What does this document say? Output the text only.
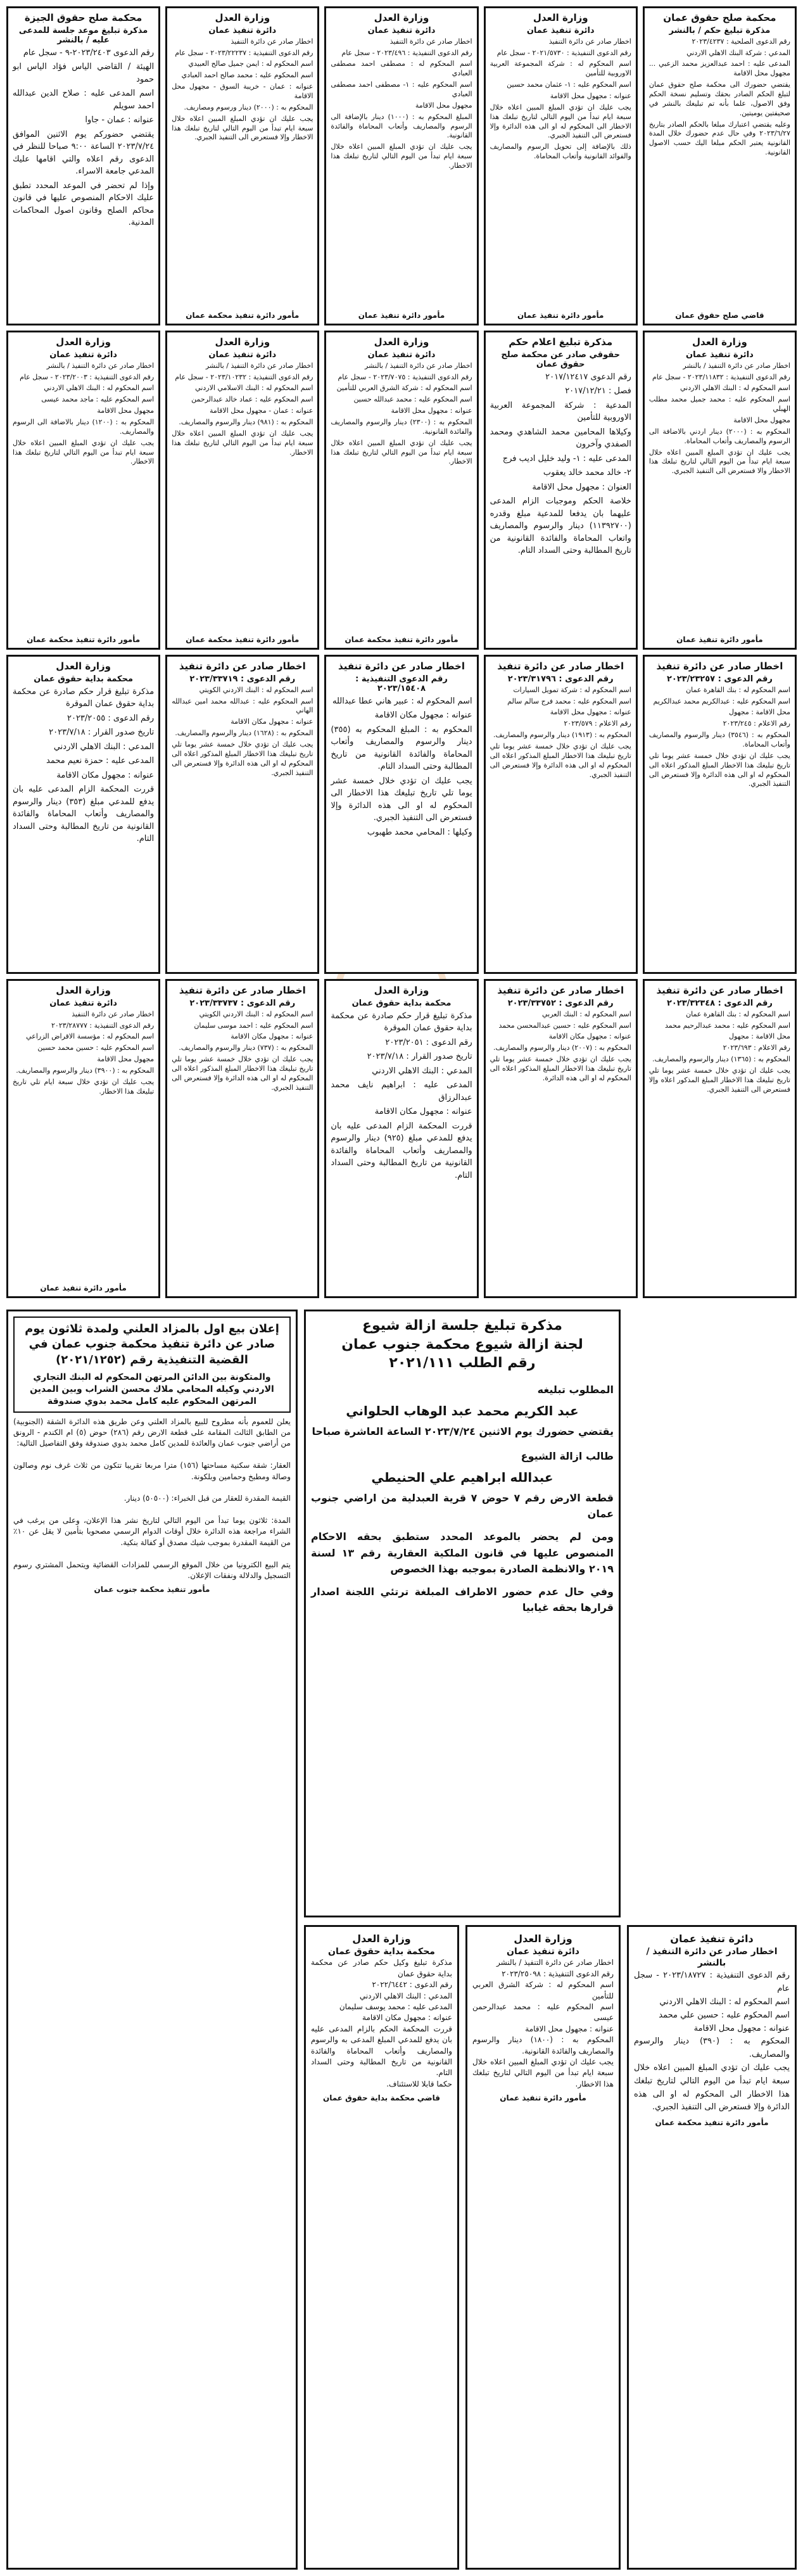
محكمة صلح حقوق عمان
مذكرة تبليغ حكم / بالنشر

رقم الدعوى الصلحية : ٢٠٢٣/٤٢٣٧

المدعي : شركة البنك الاهلي الاردني

المدعى عليه : احمد عبدالعزيز محمد الزعبي ... مجهول محل الاقامة

يقتضي حضورك الى محكمة صلح حقوق عمان لتبلغ الحكم الصادر بحقك وتسليم نسخة الحكم وفق الاصول، علما بأنه تم تبليغك بالنشر في صحيفتين يوميتين.

وعليه يقتضي اعتبارك مبلغا بالحكم الصادر بتاريخ ٢٠٢٣/٦/٢٧ وفي حال عدم حضورك خلال المدة القانونية يعتبر الحكم مبلغا اليك حسب الاصول القانونية.

قاضي صلح حقوق عمان
وزارة العدل
دائرة تنفيذ عمان

اخطار صادر عن دائرة التنفيذ

رقم الدعوى التنفيذية : ٢٠٢١/٥٧٣٠ - سجل عام

اسم المحكوم له : شركة المجموعة العربية الاوروبية للتأمين

اسم المحكوم عليه : ١- عثمان محمد حسين

عنوانه : مجهول محل الاقامة

يجب عليك ان تؤدي المبلغ المبين اعلاه خلال سبعة ايام تبدأ من اليوم التالي لتاريخ تبلغك هذا الاخطار الى المحكوم له او الى هذه الدائرة وإلا فستعرض الى التنفيذ الجبري.

ذلك بالإضافة إلى تحويل الرسوم والمصاريف والفوائد القانونية وأتعاب المحاماة.

مأمور دائرة تنفيذ عمان
وزارة العدل
دائرة تنفيذ عمان

اخطار صادر عن دائرة التنفيذ

رقم الدعوى التنفيذية : ٢٠٢٣/٤٩٦ - سجل عام

اسم المحكوم له : مصطفى احمد مصطفى العبادي

اسم المحكوم عليه : ١- مصطفى احمد مصطفى العبادي

مجهول محل الاقامة

المبلغ المحكوم به : (١٠٠٠) دينار بالإضافة الى الرسوم والمصاريف وأتعاب المحاماة والفائدة القانونية.

يجب عليك ان تؤدي المبلغ المبين اعلاه خلال سبعة ايام تبدأ من اليوم التالي لتاريخ تبلغك هذا الاخطار.

مأمور دائرة تنفيذ عمان
وزارة العدل
دائرة تنفيذ عمان

اخطار صادر عن دائرة التنفيذ

رقم الدعوى التنفيذية : ٢٠٢٣/٢٢٢٣٧ - سجل عام

اسم المحكوم له : ايمن جميل صالح العبيدي

اسم المحكوم عليه : محمد صالح احمد العبادي

عنوانه : عمان - خريبة السوق - مجهول محل الاقامة

المحكوم به : (٢٠٠٠) دينار ورسوم ومصاريف.

يجب عليك ان تؤدي المبلغ المبين اعلاه خلال سبعة ايام تبدأ من اليوم التالي لتاريخ تبلغك هذا الاخطار وإلا فستعرض الى التنفيذ الجبري.

مأمور دائرة تنفيذ محكمة عمان
محكمة صلح حقوق الجيزة
مذكرة تبليغ موعد جلسة للمدعى عليه / بالنشر

رقم الدعوى ٢٠٢٣/٢٤٠٣-٩ - سجل عام

الهيئة / القاضي الياس فؤاد الياس ابو حمود

اسم المدعى عليه : صلاح الدين عبدالله احمد سويلم

عنوانه : عمان - جاوا

يقتضي حضوركم يوم الاثنين الموافق ٢٠٢٣/٧/٢٤ الساعة ٩:٠٠ صباحا للنظر في الدعوى رقم اعلاه والتي اقامها عليك المدعي جامعة الاسراء.

وإذا لم تحضر في الموعد المحدد تطبق عليك الاحكام المنصوص عليها في قانون محاكم الصلح وقانون اصول المحاكمات المدنية.

وزارة العدل
دائرة تنفيذ عمان

اخطار صادر عن دائرة التنفيذ / بالنشر

رقم الدعوى التنفيذية : ٢٠٢٣/١١٨٣٢ - سجل عام

اسم المحكوم له : البنك الاهلي الاردني

اسم المحكوم عليه : محمد جميل محمد مطلب الهبلي

مجهول محل الاقامة

المحكوم به : (٢٠٠٠) دينار اردني بالاضافة الى الرسوم والمصاريف وأتعاب المحاماة.

يجب عليك ان تؤدي المبلغ المبين اعلاه خلال سبعة ايام تبدأ من اليوم التالي لتاريخ تبلغك هذا الاخطار والا فستعرض الى التنفيذ الجبري.

مأمور دائرة تنفيذ عمان
مذكرة تبليغ اعلام حكم
حقوقي صادر عن محكمة صلح حقوق عمان

رقم الدعوى ٢٠١٧/١٢٤١٧

فصل : ٢٠١٧/١٢/٢١

المدعية : شركة المجموعة العربية الاوروبية للتأمين

وكيلاها المحامين محمد الشاهدي ومحمد الصفدي وآخرون

المدعى عليه : ١- وليد خليل اديب فرج

٢- خالد محمد خالد يعقوب

العنوان : مجهول محل الاقامة

خلاصة الحكم وموجبات الزام المدعى عليهما بان يدفعا للمدعية مبلغ وقدره (١١٣٩٢٧٠٠) دينار والرسوم والمصاريف واتعاب المحاماة والفائدة القانونية من تاريخ المطالبة وحتى السداد التام.

وزارة العدل
دائرة تنفيذ عمان

اخطار صادر عن دائرة التنفيذ / بالنشر

رقم الدعوى التنفيذية : ٢٠٢٣/٧٠٧٥ - سجل عام

اسم المحكوم له : شركة الشرق العربي للتأمين

اسم المحكوم عليه : محمد عبدالله حسين

عنوانه : مجهول محل الاقامة

المحكوم به : (٢٣٠٠) دينار والرسوم والمصاريف والفائدة القانونية.

يجب عليك ان تؤدي المبلغ المبين اعلاه خلال سبعة ايام تبدأ من اليوم التالي لتاريخ تبلغك هذا الاخطار.

مأمور دائرة تنفيذ محكمة عمان
وزارة العدل
دائرة تنفيذ عمان

اخطار صادر عن دائرة التنفيذ / بالنشر

رقم الدعوى التنفيذية : ٢٠٢٣/١٠٢٣٢ - سجل عام

اسم المحكوم له : البنك الاسلامي الاردني

اسم المحكوم عليه : عماد خالد عبدالرحمن

عنوانه : عمان - مجهول محل الاقامة

المحكوم به : (٩٨١) دينار والرسوم والمصاريف.

يجب عليك ان تؤدي المبلغ المبين اعلاه خلال سبعة ايام تبدأ من اليوم التالي لتاريخ تبلغك هذا الاخطار.

مأمور دائرة تنفيذ محكمة عمان
وزارة العدل
دائرة تنفيذ عمان

اخطار صادر عن دائرة التنفيذ / بالنشر

رقم الدعوى التنفيذية : ٢٠٢٣/٢٠٠٣ - سجل عام

اسم المحكوم له : البنك الاهلي الاردني

اسم المحكوم عليه : ماجد محمد عيسى

مجهول محل الاقامة

المحكوم به : (١٢٠٠) دينار بالاضافة الى الرسوم والمصاريف.

يجب عليك ان تؤدي المبلغ المبين اعلاه خلال سبعة ايام تبدأ من اليوم التالي لتاريخ تبلغك هذا الاخطار.

مأمور دائرة تنفيذ محكمة عمان
اخطار صادر عن دائرة تنفيذ
رقم الدعوى : ٢٠٢٣/٢٣٢٥٧

اسم المحكوم له : بنك القاهرة عمان

اسم المحكوم عليه : عبدالكريم محمد عبدالكريم

محل الاقامة : مجهول

رقم الاعلام : ٢٠٢٣/٢٤٥

المحكوم به : (٣٥٤٦) دينار والرسوم والمصاريف وأتعاب المحاماة.

يجب عليك ان تؤدي خلال خمسة عشر يوما تلي تاريخ تبليغك هذا الاخطار المبلغ المذكور اعلاه الى المحكوم له او الى هذه الدائرة وإلا فستعرض الى التنفيذ الجبري.

اخطار صادر عن دائرة تنفيذ
رقم الدعوى : ٢٠٢٣/٣١٧٩٦

اسم المحكوم له : شركة تمويل السيارات

اسم المحكوم عليه : محمد فرج سالم سالم

عنوانه : مجهول محل الاقامة

رقم الاعلام : ٢٠٢٣/٥٧٩

المحكوم به : (١٩١٣) دينار والرسوم والمصاريف.

يجب عليك ان تؤدي خلال خمسة عشر يوما تلي تاريخ تبليغك هذا الاخطار المبلغ المذكور اعلاه الى المحكوم له او الى هذه الدائرة وإلا فستعرض الى التنفيذ الجبري.

اخطار صادر عن دائرة تنفيذ
رقم الدعوى التنفيذية : ٢٠٢٣/١٥٤٠٨

اسم المحكوم له : عبير هاني عطا عبدالله

عنوانه : مجهول مكان الاقامة

المحكوم به : المبلغ المحكوم به (٣٥٥) دينار والرسوم والمصاريف وأتعاب المحاماة والفائدة القانونية من تاريخ المطالبة وحتى السداد التام.

يجب عليك ان تؤدي خلال خمسة عشر يوما تلي تاريخ تبليغك هذا الاخطار الى المحكوم له او الى هذه الدائرة وإلا فستعرض الى التنفيذ الجبري.

وكيلها : المحامي محمد طهبوب

اخطار صادر عن دائرة تنفيذ
رقم الدعوى : ٢٠٢٣/٣٣٧١٩

اسم المحكوم له : البنك الاردني الكويتي

اسم المحكوم عليه : عبدالله محمد امين عبدالله الهاني

عنوانه : مجهول مكان الاقامة

المحكوم به : (١٦٢٨) دينار والرسوم والمصاريف.

يجب عليك ان تؤدي خلال خمسة عشر يوما تلي تاريخ تبليغك هذا الاخطار المبلغ المذكور اعلاه الى المحكوم له او الى هذه الدائرة وإلا فستعرض الى التنفيذ الجبري.

وزارة العدل
محكمة بداية حقوق عمان

مذكرة تبليغ قرار حكم صادرة عن محكمة بداية حقوق عمان الموقرة

رقم الدعوى : ٢٠٢٣/٢٠٥٥

تاريخ صدور القرار : ٢٠٢٣/٧/١٨

المدعي : البنك الاهلي الاردني

المدعى عليه : حمزة نعيم محمد

عنوانه : مجهول مكان الاقامة

قررت المحكمة الزام المدعى عليه بان يدفع للمدعي مبلغ (٣٥٣) دينار والرسوم والمصاريف وأتعاب المحاماة والفائدة القانونية من تاريخ المطالبة وحتى السداد التام.

اخطار صادر عن دائرة تنفيذ
رقم الدعوى : ٢٠٢٣/٣٢٣٤٨

اسم المحكوم له : بنك القاهرة عمان

اسم المحكوم عليه : محمد عبدالرحيم محمد

محل الاقامة : مجهول

رقم الاعلام : ٢٠٢٣/٦٩٣

المحكوم به : (١٣٦٥) دينار والرسوم والمصاريف.

يجب عليك ان تؤدي خلال خمسة عشر يوما تلي تاريخ تبليغك هذا الاخطار المبلغ المذكور اعلاه وإلا فستعرض الى التنفيذ الجبري.

اخطار صادر عن دائرة تنفيذ
رقم الدعوى : ٢٠٢٣/٣٣٧٥٢

اسم المحكوم له : البنك العربي

اسم المحكوم عليه : حسين عبدالمحسن محمد

عنوانه : مجهول مكان الاقامة

المحكوم به : (٢٠٠٧) دينار والرسوم والمصاريف.

يجب عليك ان تؤدي خلال خمسة عشر يوما تلي تاريخ تبليغك هذا الاخطار المبلغ المذكور اعلاه الى المحكوم له او الى هذه الدائرة.

وزارة العدل
محكمة بداية حقوق عمان

مذكرة تبليغ قرار حكم صادرة عن محكمة بداية حقوق عمان الموقرة

رقم الدعوى : ٢٠٢٣/٢٠٥١

تاريخ صدور القرار : ٢٠٢٣/٧/١٨

المدعي : البنك الاهلي الاردني

المدعى عليه : ابراهيم نايف محمد عبدالرزاق

عنوانه : مجهول مكان الاقامة

قررت المحكمة الزام المدعى عليه بان يدفع للمدعي مبلغ (٩٢٥) دينار والرسوم والمصاريف وأتعاب المحاماة والفائدة القانونية من تاريخ المطالبة وحتى السداد التام.

اخطار صادر عن دائرة تنفيذ
رقم الدعوى : ٢٠٢٣/٣٣٧٣٧

اسم المحكوم له : البنك الاردني الكويتي

اسم المحكوم عليه : احمد موسى سليمان

عنوانه : مجهول مكان الاقامة

المحكوم به : (٧٣٧) دينار والرسوم والمصاريف.

يجب عليك ان تؤدي خلال خمسة عشر يوما تلي تاريخ تبليغك هذا الاخطار المبلغ المذكور اعلاه الى المحكوم له او الى هذه الدائرة وإلا فستعرض الى التنفيذ الجبري.

وزارة العدل
دائرة تنفيذ عمان

اخطار صادر عن دائرة التنفيذ

رقم الدعوى التنفيذية : ٢٠٢٣/٢٨٧٧٧

اسم المحكوم له : مؤسسة الاقراض الزراعي

اسم المحكوم عليه : حسين محمد حسين

مجهول محل الاقامة

المحكوم به : (٣٩٠٠) دينار والرسوم والمصاريف.

يجب عليك ان تؤدي خلال سبعة ايام تلي تاريخ تبليغك هذا الاخطار.

مأمور دائرة تنفيذ عمان
إعلان بيع اول بالمزاد العلني ولمدة ثلاثون يوم صادر عن دائرة تنفيذ محكمة جنوب عمان في القضية التنفيذية رقم (٢٠٢١/١٢٥٢)
والمتكونة بين الدائن المرتهن المحكوم له البنك التجاري الاردني وكيله المحامي ملاك محسن الشراب وبين المدين المرتهن المحكوم عليه كامل محمد بدوي صندوقة

يعلن للعموم بأنه مطروح للبيع بالمزاد العلني وعن طريق هذه الدائرة الشقة (الجنوبية) من الطابق الثالث المقامة على قطعة الارض رقم (٢٨٦) حوض (٥) ام الكندم - الرونق من أراضي جنوب عمان والعائدة للمدين كامل محمد بدوي صندوقة وفق التفاصيل التالية:

العقار: شقة سكنية مساحتها (١٥٦) مترا مربعا تقريبا تتكون من ثلاث غرف نوم وصالون وصالة ومطبخ وحمامين وبلكونة.

القيمة المقدرة للعقار من قبل الخبراء: (٥٠٥٠٠) دينار.

المدة: ثلاثون يوما تبدأ من اليوم التالي لتاريخ نشر هذا الإعلان، وعلى من يرغب في الشراء مراجعة هذه الدائرة خلال أوقات الدوام الرسمي مصحوبا بتأمين لا يقل عن ١٠٪ من القيمة المقدرة بموجب شيك مصدق أو كفالة بنكية.

يتم البيع الكترونيا من خلال الموقع الرسمي للمزادات القضائية ويتحمل المشتري رسوم التسجيل والدلالة ونفقات الإعلان.

مأمور تنفيذ محكمة جنوب عمان
مذكرة تبليغ جلسة ازالة شيوع
لجنة ازالة شيوع محكمة جنوب عمان
رقم الطلب ٢٠٢١/١١١

المطلوب تبليغه

عبد الكريم محمد عبد الوهاب الحلواني

يقتضي حضورك يوم الاثنين ٢٠٢٣/٧/٢٤ الساعة العاشرة صباحا

طالب ازالة الشيوع

عبدالله ابراهيم علي الحنيطي

قطعة الارض رقم ٧ حوض ٧ قرية العبدلية من اراضي جنوب عمان

ومن لم يحضر بالموعد المحدد ستطبق بحقه الاحكام المنصوص عليها في قانون الملكية العقارية رقم ١٣ لسنة ٢٠١٩ والانظمة الصادرة بموجبه بهذا الخصوص

وفي حال عدم حضور الاطراف المبلغة ترتئي اللجنة اصدار قرارها بحقه غيابيا

وزارة العدل
محكمة بداية حقوق عمان

مذكرة تبليغ وكيل حكم صادر عن محكمة بداية حقوق عمان
رقم الدعوى : ٢٠٢٢/٦٤٤٢
المدعي : البنك الاهلي الاردني
المدعى عليه : محمد يوسف سليمان
عنوانه : مجهول مكان الاقامة
قررت المحكمة الحكم بالزام المدعى عليه بان يدفع للمدعي المبلغ المدعى به والرسوم والمصاريف وأتعاب المحاماة والفائدة القانونية من تاريخ المطالبة وحتى السداد التام.
حكما قابلا للاستئناف.

قاضي محكمة بداية حقوق عمان
وزارة العدل
دائرة تنفيذ عمان

اخطار صادر عن دائرة التنفيذ / بالنشر
رقم الدعوى التنفيذية : ٢٠٢٣/٢٥٠٩٨
اسم المحكوم له : شركة الشرق العربي للتأمين
اسم المحكوم عليه : محمد عبدالرحمن عيسى
عنوانه : مجهول محل الاقامة
المحكوم به : (١٨٠٠) دينار والرسوم والمصاريف والفائدة القانونية.
يجب عليك ان تؤدي المبلغ المبين اعلاه خلال سبعة ايام تبدأ من اليوم التالي لتاريخ تبلغك هذا الاخطار.

مأمور دائرة تنفيذ عمان
دائرة تنفيذ عمان
اخطار صادر عن دائرة التنفيذ / بالنشر

رقم الدعوى التنفيذية : ٢٠٢٣/١٨٧٢٧ - سجل عام
اسم المحكوم له : البنك الاهلي الاردني
اسم المحكوم عليه : حسين علي محمد
عنوانه : مجهول محل الاقامة
المحكوم به : (٣٩٠) دينار والرسوم والمصاريف.
يجب عليك ان تؤدي المبلغ المبين اعلاه خلال سبعة ايام تبدأ من اليوم التالي لتاريخ تبلغك هذا الاخطار الى المحكوم له او الى هذه الدائرة وإلا فستعرض الى التنفيذ الجبري.

مأمور دائرة تنفيذ محكمة عمان
